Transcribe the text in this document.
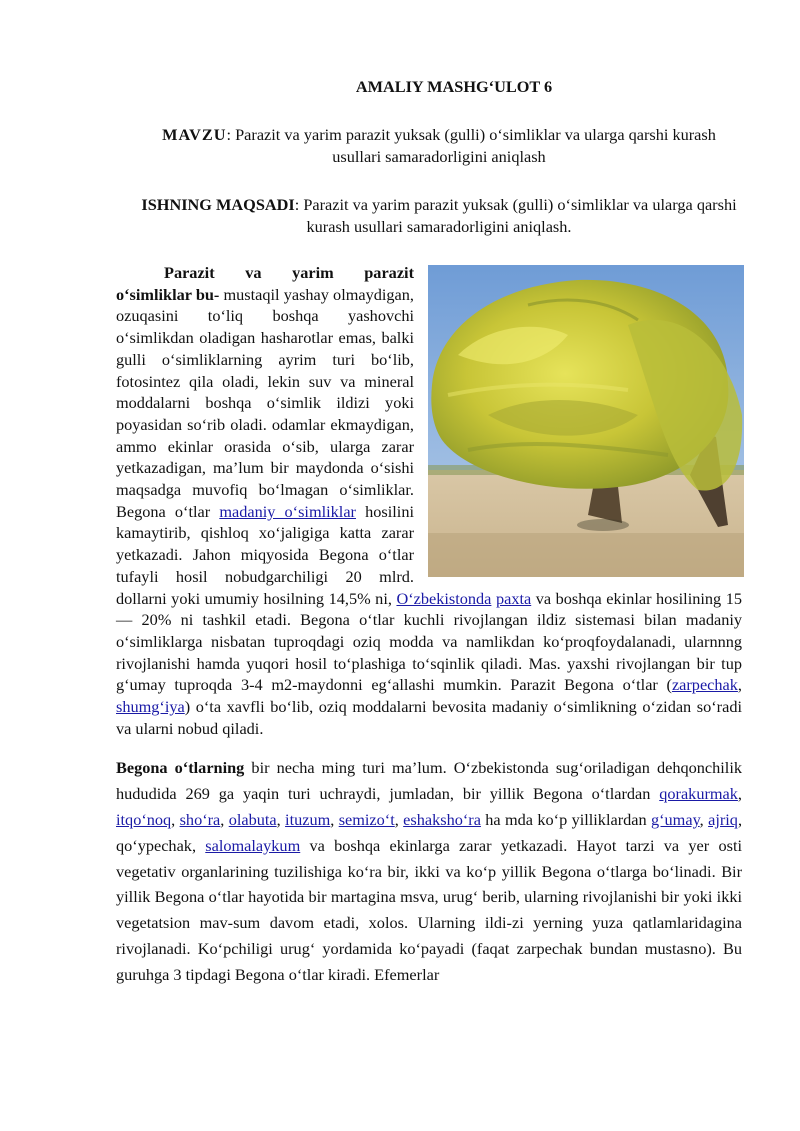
AMALIY MASHG‘ULOT 6

MAVZU: Parazit va yarim parazit yuksak (gulli) o‘simliklar va ularga qarshi kurash usullari samaradorligini aniqlash

ISHNING MAQSADI: Parazit va yarim parazit yuksak (gulli) o‘simliklar va ularga qarshi kurash usullari samaradorligini aniqlash.

Parazit va yarim parazit o‘simliklar bu- mustaqil yashay olmaydigan, ozuqasini to‘liq boshqa yashovchi o‘simlikdan oladigan hasharotlar emas, balki gulli o‘simliklarning ayrim turi bo‘lib, fotosintez qila oladi, lekin suv va mineral moddalarni boshqa o‘simlik ildizi yoki poyasidan so‘rib oladi. odamlar ekmaydigan, ammo ekinlar orasida o‘sib, ularga zarar yetkazadigan, ma’lum bir maydonda o‘sishi maqsadga muvofiq bo‘lmagan o‘simliklar. Begona o‘tlar madaniy o‘simliklar hosilini kamaytirib, qishloq xo‘jaligiga katta zarar yetkazadi. Jahon miqyosida Begona o‘tlar tufayli hosil nobudgarchiligi 20 mlrd. dollarni yoki umumiy hosilning 14,5% ni, O‘zbekistonda paxta va boshqa ekinlar hosilining 15 — 20% ni tashkil etadi. Begona o‘tlar kuchli rivojlangan ildiz sistemasi bilan madaniy o‘simliklarga nisbatan tuproqdagi oziq modda va namlikdan ko‘proqfoydalanadi, ularnnng rivojlanishi hamda yuqori hosil to‘plashiga to‘sqinlik qiladi. Mas. yaxshi rivojlangan bir tup g‘umay tuproqda 3-4 m2-maydonni eg‘allashi mumkin. Parazit Begona o‘tlar (zarpechak, shumg‘iya) o‘ta xavfli bo‘lib, oziq moddalarni bevosita madaniy o‘simlikning o‘zidan so‘radi va ularni nobud qiladi.

Begona o‘tlarning bir necha ming turi ma’lum. O‘zbekistonda sug‘oriladigan dehqonchilik hududida 269 ga yaqin turi uchraydi, jumladan, bir yillik Begona o‘tlardan qorakurmak, itqo‘noq, sho‘ra, olabuta, ituzum, semizo‘t, eshaksho‘ra ha mda ko‘p yilliklardan g‘umay, ajriq, qo‘ypechak, salomalaykum va boshqa ekinlarga zarar yetkazadi. Hayot tarzi va yer osti vegetativ organlarining tuzilishiga ko‘ra bir, ikki va ko‘p yillik Begona o‘tlarga bo‘linadi. Bir yillik Begona o‘tlar hayotida bir martagina msva, urug‘ berib, ularning rivojlanishi bir yoki ikki vegetatsion mav-sum davom etadi, xolos. Ularning ildi-zi yerning yuza qatlamlaridagina rivojlanadi. Ko‘pchiligi urug‘ yordamida ko‘payadi (faqat zarpechak bundan mustasno). Bu guruhga 3 tipdagi Begona o‘tlar kiradi. Efemerlar
